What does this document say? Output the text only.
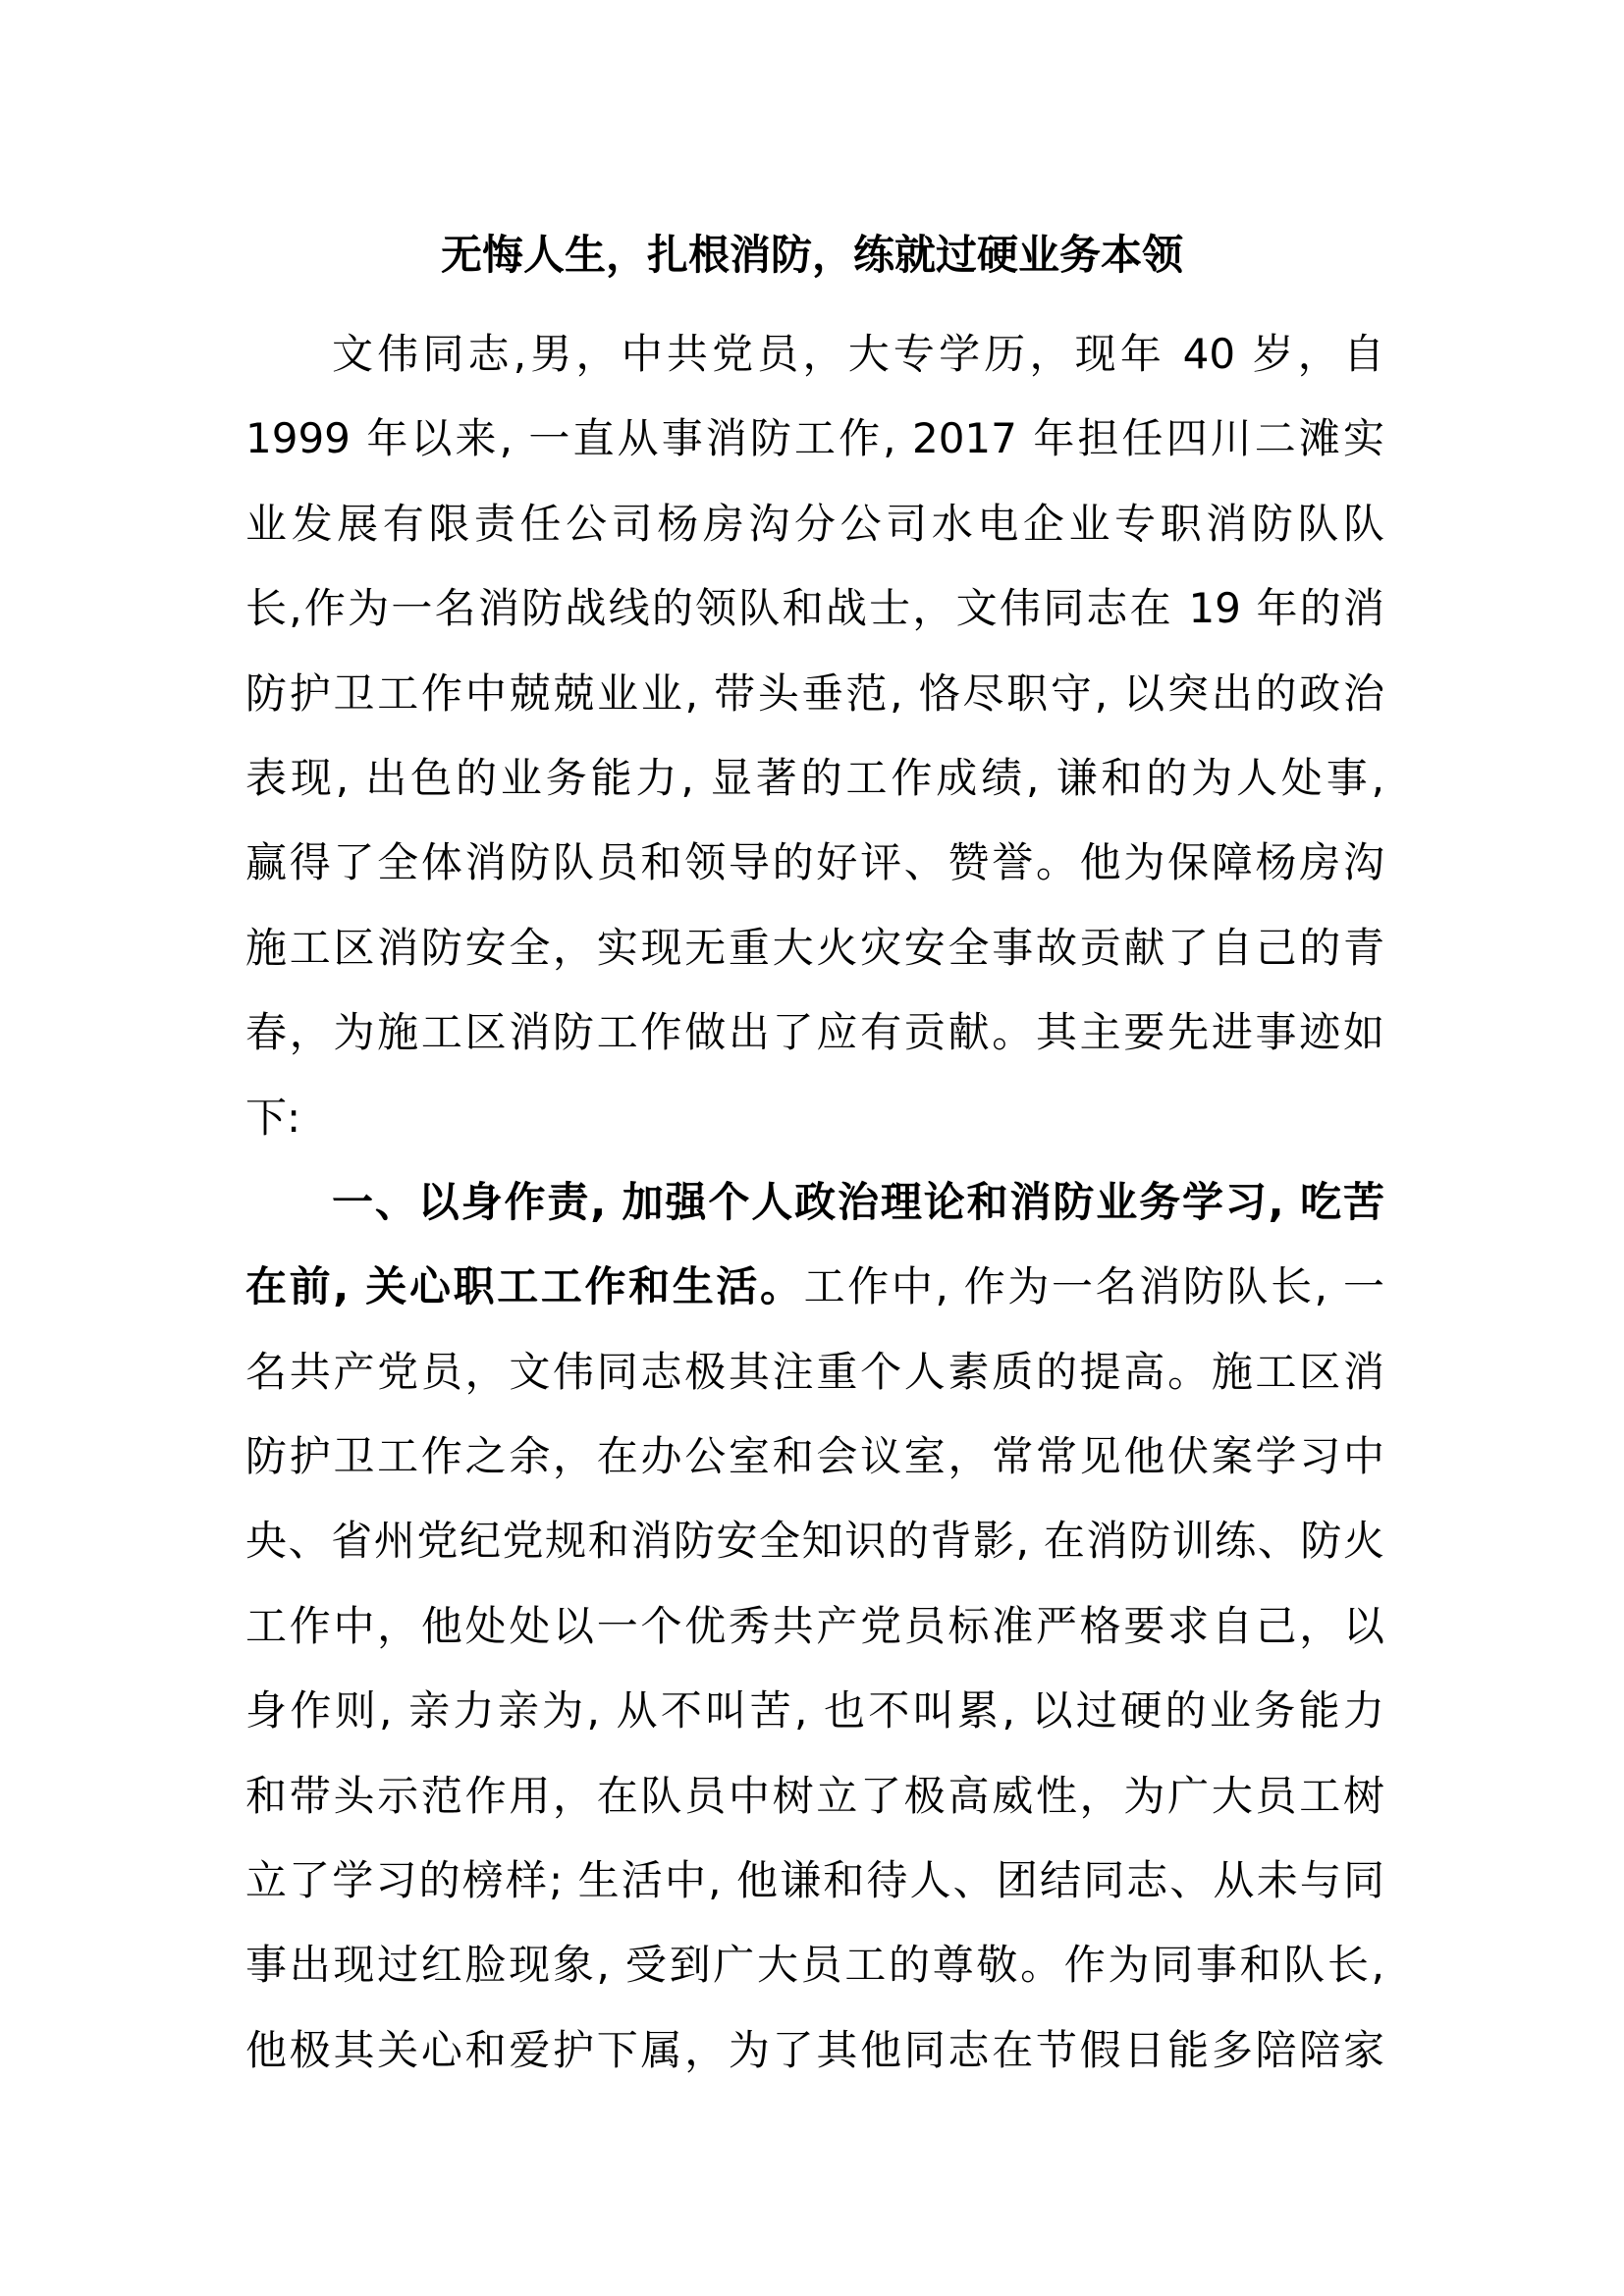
无悔人生，扎根消防，练就过硬业务本领
文伟同志,男，中共党员，大专学历，现年 40 岁，自
1999 年以来, 一直从事消防工作, 2017 年担任四川二滩实
业发展有限责任公司杨房沟分公司水电企业专职消防队队
长,作为一名消防战线的领队和战士，文伟同志在 19 年的消
防护卫工作中兢兢业业, 带头垂范, 恪尽职守, 以突出的政治
表现, 出色的业务能力, 显著的工作成绩, 谦和的为人处事,
赢得了全体消防队员和领导的好评、赞誉。他为保障杨房沟
施工区消防安全，实现无重大火灾安全事故贡献了自己的青
春，为施工区消防工作做出了应有贡献。其主要先进事迹如
下:
一、以身作责, 加强个人政治理论和消防业务学习, 吃苦
在前, 关心职工工作和生活。工作中, 作为一名消防队长, 一
名共产党员，文伟同志极其注重个人素质的提高。施工区消
防护卫工作之余，在办公室和会议室，常常见他伏案学习中
央、省州党纪党规和消防安全知识的背影, 在消防训练、防火
工作中，他处处以一个优秀共产党员标准严格要求自己，以
身作则, 亲力亲为, 从不叫苦, 也不叫累, 以过硬的业务能力
和带头示范作用，在队员中树立了极高威性，为广大员工树
立了学习的榜样; 生活中, 他谦和待人、团结同志、从未与同
事出现过红脸现象, 受到广大员工的尊敬。作为同事和队长,
他极其关心和爱护下属，为了其他同志在节假日能多陪陪家
